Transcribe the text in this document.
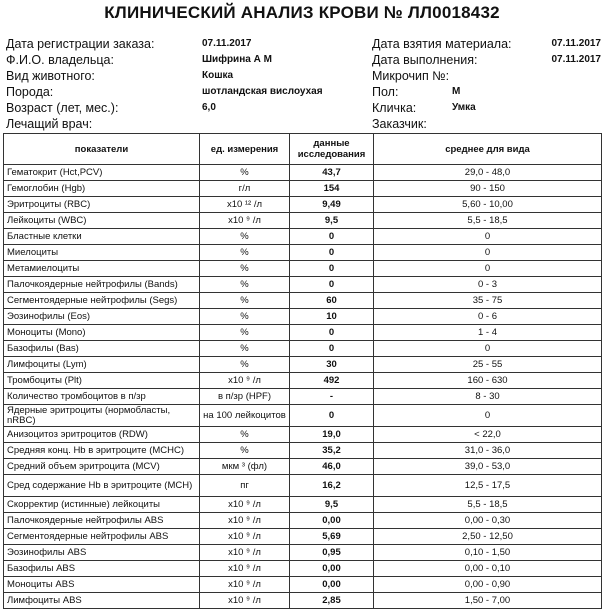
КЛИНИЧЕСКИЙ АНАЛИЗ КРОВИ № ЛЛ0018432
Дата регистрации заказа:	07.11.2017
Ф.И.О. владельца:	Шифрина А М
Вид животного:	Кошка
Порода:	шотландская вислоухая
Возраст (лет, мес.):	6,0
Лечащий врач:
Дата взятия материала:	07.11.2017
Дата выполнения:	07.11.2017
Микрочип №:
Пол:	М
Кличка:	Умка
Заказчик:
показатели	ед. измерения	данные исследования	среднее для вида
Гематокрит (Hct,PCV)	%	43,7	29,0 - 48,0
Гемоглобин (Hgb)	г/л	154	90 - 150
Эритроциты (RBC)	x10 ¹² /л	9,49	5,60 - 10,00
Лейкоциты (WBC)	x10 ⁹ /л	9,5	5,5 - 18,5
Бластные клетки	%	0	0
Миелоциты	%	0	0
Метамиелоциты	%	0	0
Палочкоядерные нейтрофилы (Bands)	%	0	0 - 3
Сегментоядерные нейтрофилы (Segs)	%	60	35 - 75
Эозинофилы (Eos)	%	10	0 - 6
Моноциты (Mono)	%	0	1 - 4
Базофилы (Bas)	%	0	0
Лимфоциты (Lym)	%	30	25 - 55
Тромбоциты (Plt)	x10 ⁹ /л	492	160 - 630
Количество тромбоцитов в п/зр	в п/зр (HPF)	-	8 - 30
Ядерные эритроциты (нормобласты, nRBC)	на 100 лейкоцитов	0	0
Анизоцитоз эритроцитов (RDW)	%	19,0	< 22,0
Средняя конц. Hb в эритроците (MCHC)	%	35,2	31,0 - 36,0
Средний объем эритроцита (MCV)	мкм ³ (фл)	46,0	39,0 - 53,0
Сред содержание Hb в эритроците (MCH)	пг	16,2	12,5 - 17,5
Скорректир (истинные) лейкоциты	x10 ⁹ /л	9,5	5,5 - 18,5
Палочкоядерные нейтрофилы ABS	x10 ⁹ /л	0,00	0,00 - 0,30
Сегментоядерные нейтрофилы ABS	x10 ⁹ /л	5,69	2,50 - 12,50
Эозинофилы ABS	x10 ⁹ /л	0,95	0,10 - 1,50
Базофилы ABS	x10 ⁹ /л	0,00	0,00 - 0,10
Моноциты ABS	x10 ⁹ /л	0,00	0,00 - 0,90
Лимфоциты ABS	x10 ⁹ /л	2,85	1,50 - 7,00
